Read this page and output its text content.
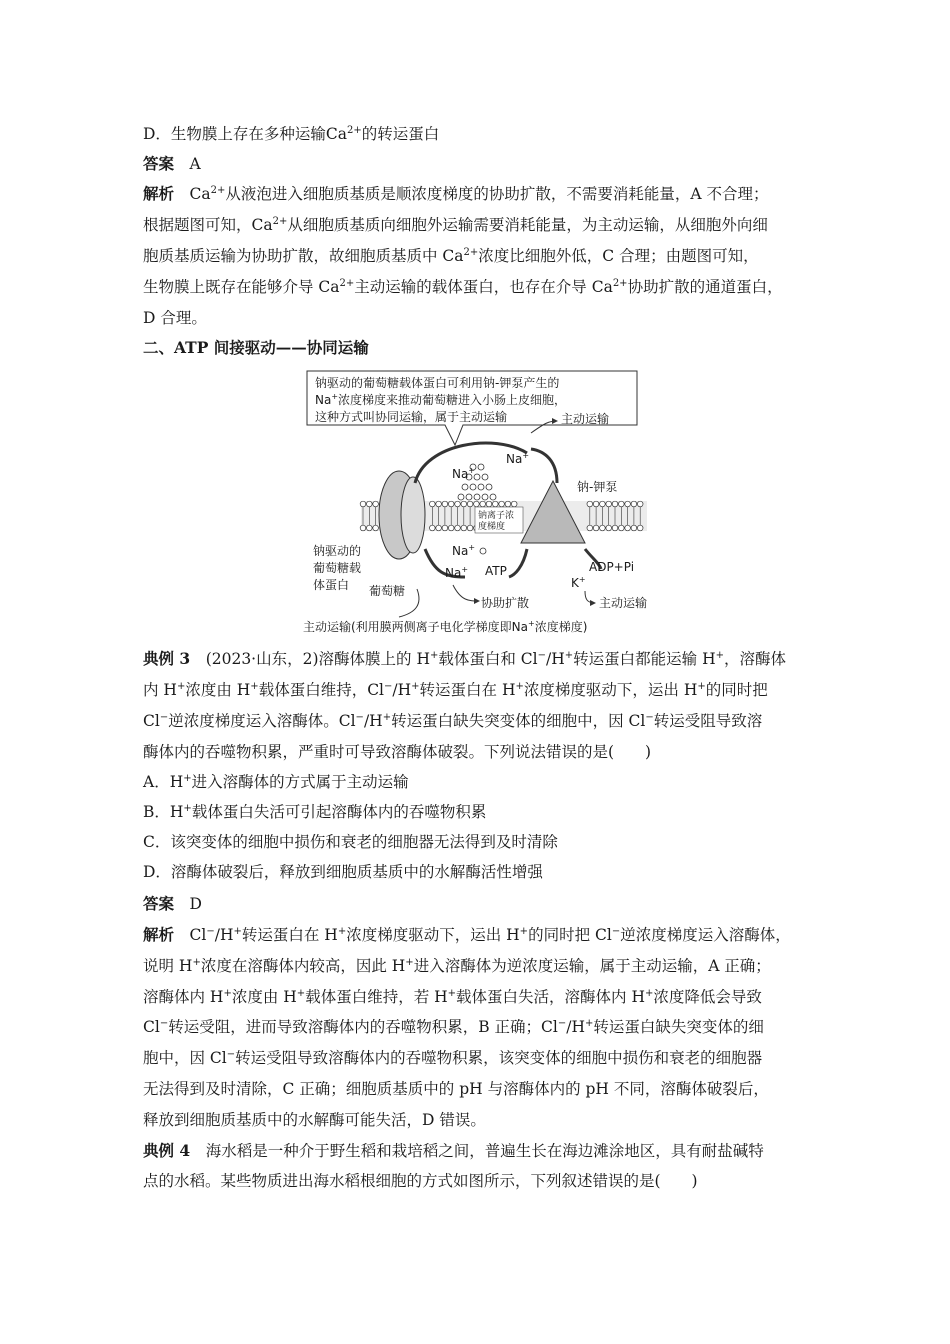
D．生物膜上存在多种运输$Ca^{2+}$的转运蛋白
答案　A
解析　$Ca^{2+}$从液泡进入细胞质基质是顺浓度梯度的协助扩散，不需要消耗能量，A 不合理；
根据题图可知，$Ca^{2+}$从细胞质基质向细胞外运输需要消耗能量，为主动运输，从细胞外向细
胞质基质运输为协助扩散，故细胞质基质中 $Ca^{2+}$浓度比细胞外低，C 合理；由题图可知，
生物膜上既存在能够介导 $Ca^{2+}$主动运输的载体蛋白，也存在介导 $Ca^{2+}$协助扩散的通道蛋白，
D 合理。
二、ATP 间接驱动——协同运输
典例 3　(2023·山东，2)溶酶体膜上的 H+载体蛋白和 Cl−/H+转运蛋白都能运输 H+，溶酶体
内 H+浓度由 H+载体蛋白维持，Cl−/H+转运蛋白在 H+浓度梯度驱动下，运出 H+的同时把
Cl−逆浓度梯度运入溶酶体。Cl−/H+转运蛋白缺失突变体的细胞中，因 Cl−转运受阻导致溶
酶体内的吞噬物积累，严重时可导致溶酶体破裂。下列说法错误的是(　　)
A．H+进入溶酶体的方式属于主动运输
B．H+载体蛋白失活可引起溶酶体内的吞噬物积累
C．该突变体的细胞中损伤和衰老的细胞器无法得到及时清除
D．溶酶体破裂后，释放到细胞质基质中的水解酶活性增强
答案　D
解析　Cl−/H+转运蛋白在 H+浓度梯度驱动下，运出 H+的同时把 Cl−逆浓度梯度运入溶酶体，
说明 H+浓度在溶酶体内较高，因此 H+进入溶酶体为逆浓度运输，属于主动运输，A 正确；
溶酶体内 H+浓度由 H+载体蛋白维持，若 H+载体蛋白失活，溶酶体内 H+浓度降低会导致
Cl−转运受阻，进而导致溶酶体内的吞噬物积累，B 正确；Cl−/H+转运蛋白缺失突变体的细
胞中，因 Cl−转运受阻导致溶酶体内的吞噬物积累，该突变体的细胞中损伤和衰老的细胞器
无法得到及时清除，C 正确；细胞质基质中的 pH 与溶酶体内的 pH 不同，溶酶体破裂后，
释放到细胞质基质中的水解酶可能失活，D 错误。
典例 4　海水稻是一种介于野生稻和栽培稻之间，普遍生长在海边滩涂地区，具有耐盐碱特
点的水稻。某些物质进出海水稻根细胞的方式如图所示，下列叙述错误的是(　　)
钠驱动的葡萄糖载体蛋白可利用钠-钾泵产生的
Na+浓度梯度来推动葡萄糖进入小肠上皮细胞，
这种方式叫协同运输，属于主动运输
Na+
主动运输
Na+
钠-钾泵
钠离子浓
度梯度
Na+
钠驱动的
葡萄糖载
体蛋白
Na+ ATP	ADP+Pi
K+
葡萄糖
协助扩散	主动运输
主动运输(利用膜两侧离子电化学梯度即Na+浓度梯度)
